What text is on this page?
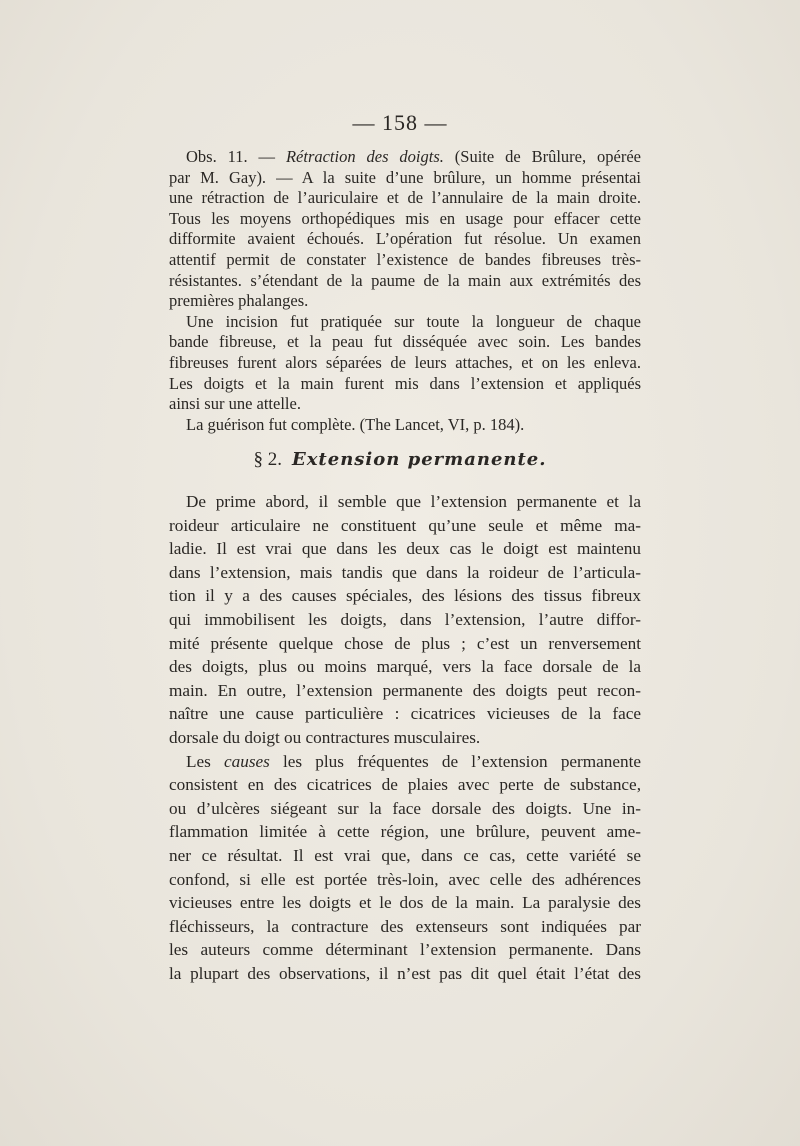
— 158 —
Obs. 11. — Rétraction des doigts. (Suite de Brûlure, opérée
par M. Gay). — A la suite d’une brûlure, un homme présentai
une rétraction de l’auriculaire et de l’annulaire de la main droite.
Tous les moyens orthopédiques mis en usage pour effacer cette
difformite avaient échoués. L’opération fut résolue. Un examen
attentif permit de constater l’existence de bandes fibreuses très-
résistantes. s’étendant de la paume de la main aux extrémités des
premières phalanges.
Une incision fut pratiquée sur toute la longueur de chaque
bande fibreuse, et la peau fut disséquée avec soin. Les bandes
fibreuses furent alors séparées de leurs attaches, et on les enleva.
Les doigts et la main furent mis dans l’extension et appliqués
ainsi sur une attelle.
La guérison fut complète. (The Lancet, VI, p. 184).
§ 2. Extension permanente.
De prime abord, il semble que l’extension permanente et la
roideur articulaire ne constituent qu’une seule et même ma-
ladie. Il est vrai que dans les deux cas le doigt est maintenu
dans l’extension, mais tandis que dans la roideur de l’articula-
tion il y a des causes spéciales, des lésions des tissus fibreux
qui immobilisent les doigts, dans l’extension, l’autre diffor-
mité présente quelque chose de plus ; c’est un renversement
des doigts, plus ou moins marqué, vers la face dorsale de la
main. En outre, l’extension permanente des doigts peut recon-
naître une cause particulière : cicatrices vicieuses de la face
dorsale du doigt ou contractures musculaires.
Les causes les plus fréquentes de l’extension permanente
consistent en des cicatrices de plaies avec perte de substance,
ou d’ulcères siégeant sur la face dorsale des doigts. Une in-
flammation limitée à cette région, une brûlure, peuvent ame-
ner ce résultat. Il est vrai que, dans ce cas, cette variété se
confond, si elle est portée très-loin, avec celle des adhérences
vicieuses entre les doigts et le dos de la main. La paralysie des
fléchisseurs, la contracture des extenseurs sont indiquées par
les auteurs comme déterminant l’extension permanente. Dans
la plupart des observations, il n’est pas dit quel était l’état des
